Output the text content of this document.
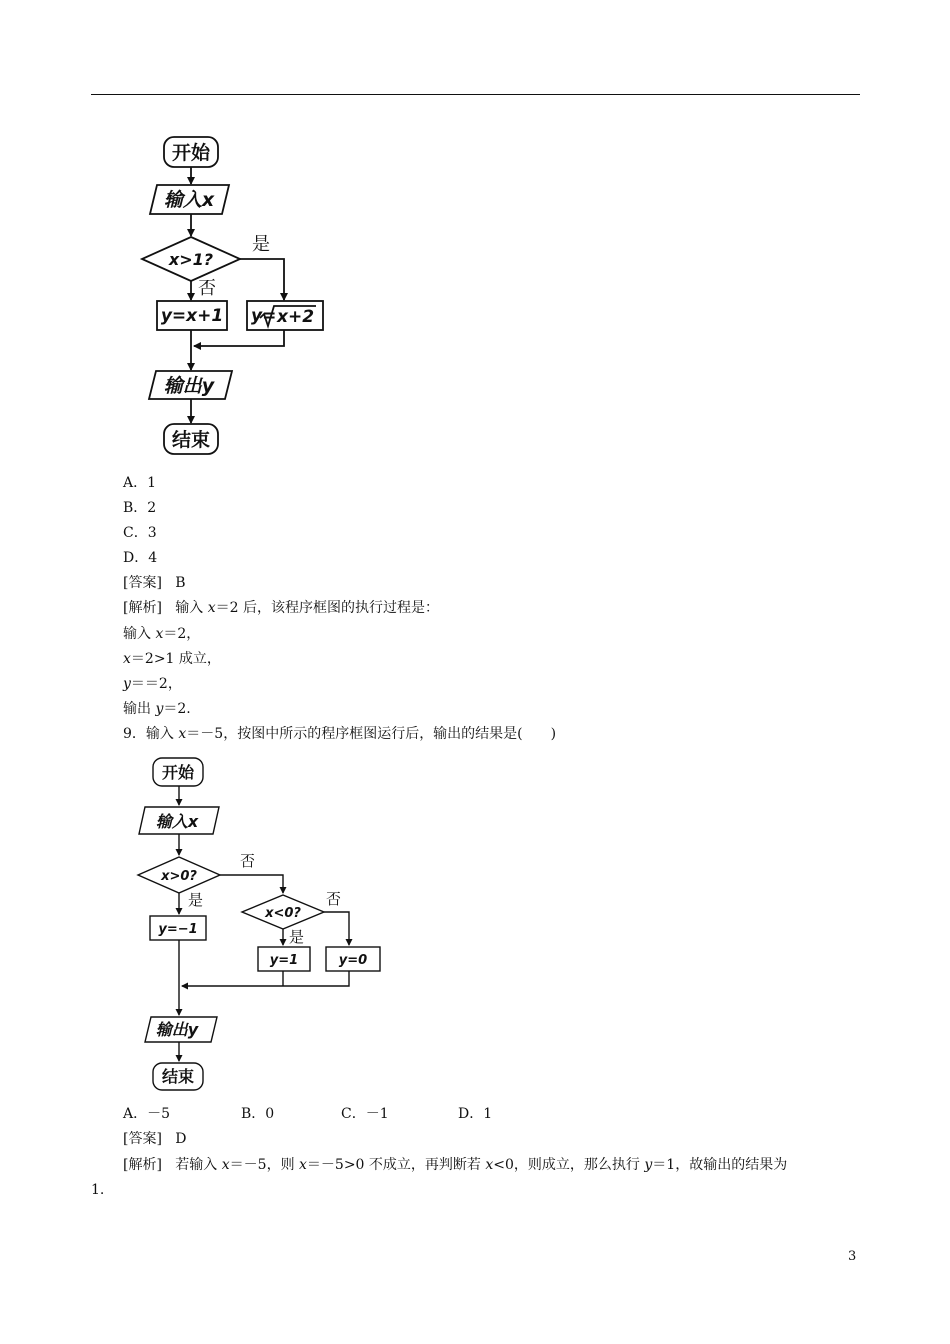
开始
输入x
x>1?
y=x+1 y= x+2
输出y
结束
是
否
A．1
B．2
C．3
D．4
[答案] B
[解析] 输入 x＝2 后，该程序框图的执行过程是：
输入 x＝2，
x＝2>1 成立，
y＝＝2，
输出 y＝2.
9．输入 x＝－5，按图中所示的程序框图运行后，输出的结果是(　　)
开始
输入x
x>0?
x<0?
y=−1
y=1	y=0
输出y
结束
否
是	否
是
A．－5	B．0	C．－1	D．1
[答案] D
[解析] 若输入 x＝－5，则 x＝－5>0 不成立，再判断若 x<0，则成立，那么执行 y＝1，故输出的结果为
1.
3
